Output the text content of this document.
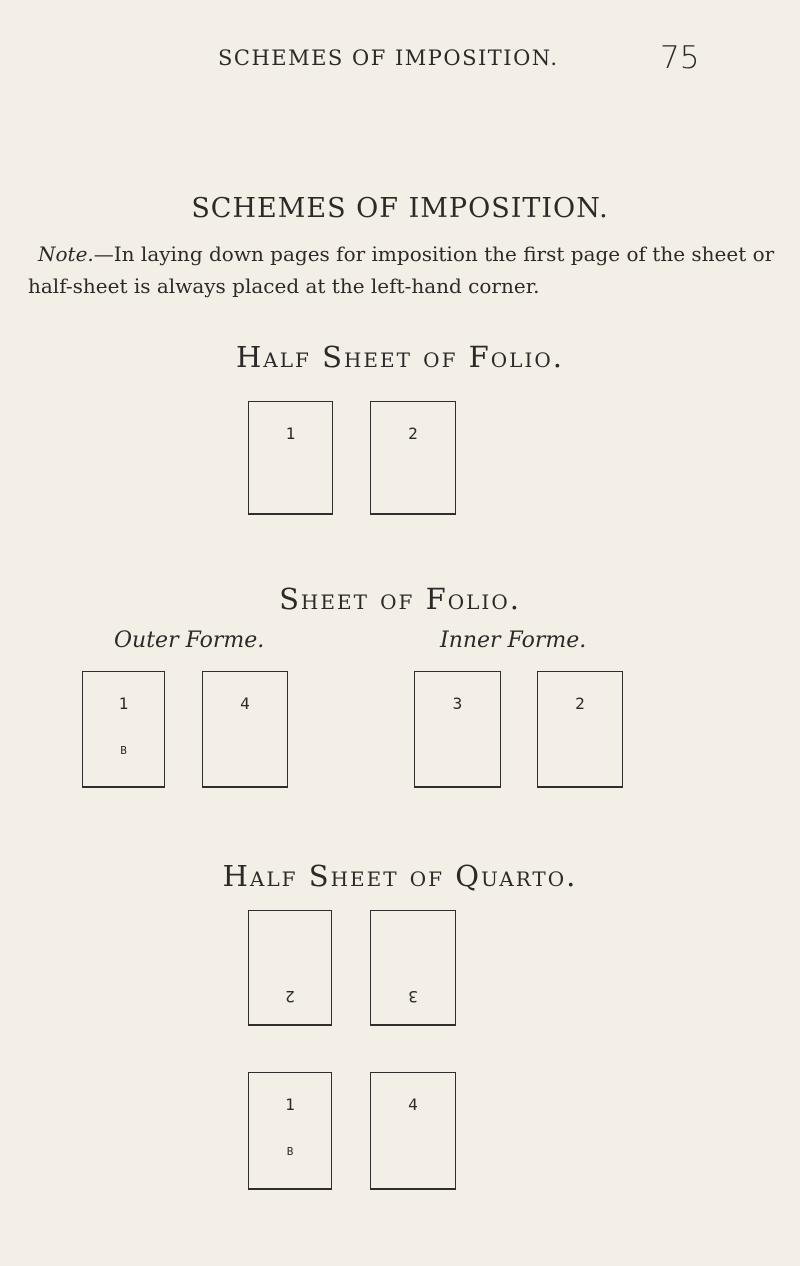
SCHEMES OF IMPOSITION.	75
SCHEMES OF IMPOSITION.
Note.—In laying down pages for imposition the first page of the sheet or half-sheet is always placed at the left-hand corner.
Half Sheet of Folio.
1	2
Sheet of Folio.
Outer Forme.	Inner Forme.
1
B
4	3	2
Half Sheet of Quarto.
2	3
1
B
4
